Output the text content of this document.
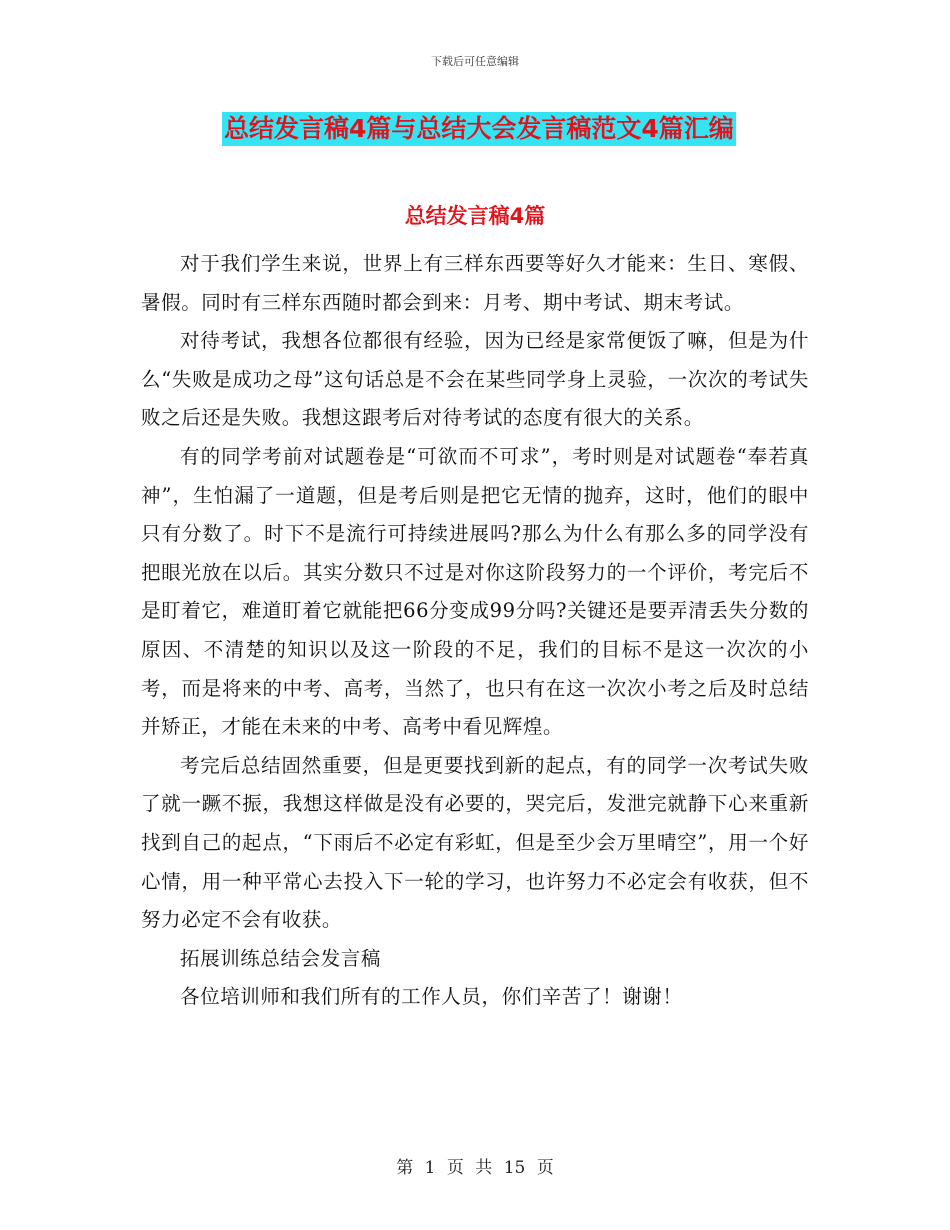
下载后可任意编辑
总结发言稿4篇与总结大会发言稿范文4篇汇编
总结发言稿4篇

对于我们学生来说，世界上有三样东西要等好久才能来：生日、寒假、暑假。同时有三样东西随时都会到来：月考、期中考试、期末考试。

对待考试，我想各位都很有经验，因为已经是家常便饭了嘛，但是为什么“失败是成功之母”这句话总是不会在某些同学身上灵验，一次次的考试失败之后还是失败。我想这跟考后对待考试的态度有很大的关系。

有的同学考前对试题卷是“可欲而不可求”，考时则是对试题卷“奉若真神”，生怕漏了一道题，但是考后则是把它无情的抛弃，这时，他们的眼中只有分数了。时下不是流行可持续进展吗?那么为什么有那么多的同学没有把眼光放在以后。其实分数只不过是对你这阶段努力的一个评价，考完后不是盯着它，难道盯着它就能把66分变成99分吗?关键还是要弄清丢失分数的原因、不清楚的知识以及这一阶段的不足，我们的目标不是这一次次的小考，而是将来的中考、高考，当然了，也只有在这一次次小考之后及时总结并矫正，才能在未来的中考、高考中看见辉煌。

考完后总结固然重要，但是更要找到新的起点，有的同学一次考试失败了就一蹶不振，我想这样做是没有必要的，哭完后，发泄完就静下心来重新找到自己的起点，“下雨后不必定有彩虹，但是至少会万里晴空”，用一个好心情，用一种平常心去投入下一轮的学习，也许努力不必定会有收获，但不努力必定不会有收获。

拓展训练总结会发言稿

各位培训师和我们所有的工作人员，你们辛苦了！谢谢！

第 1 页 共 15 页
